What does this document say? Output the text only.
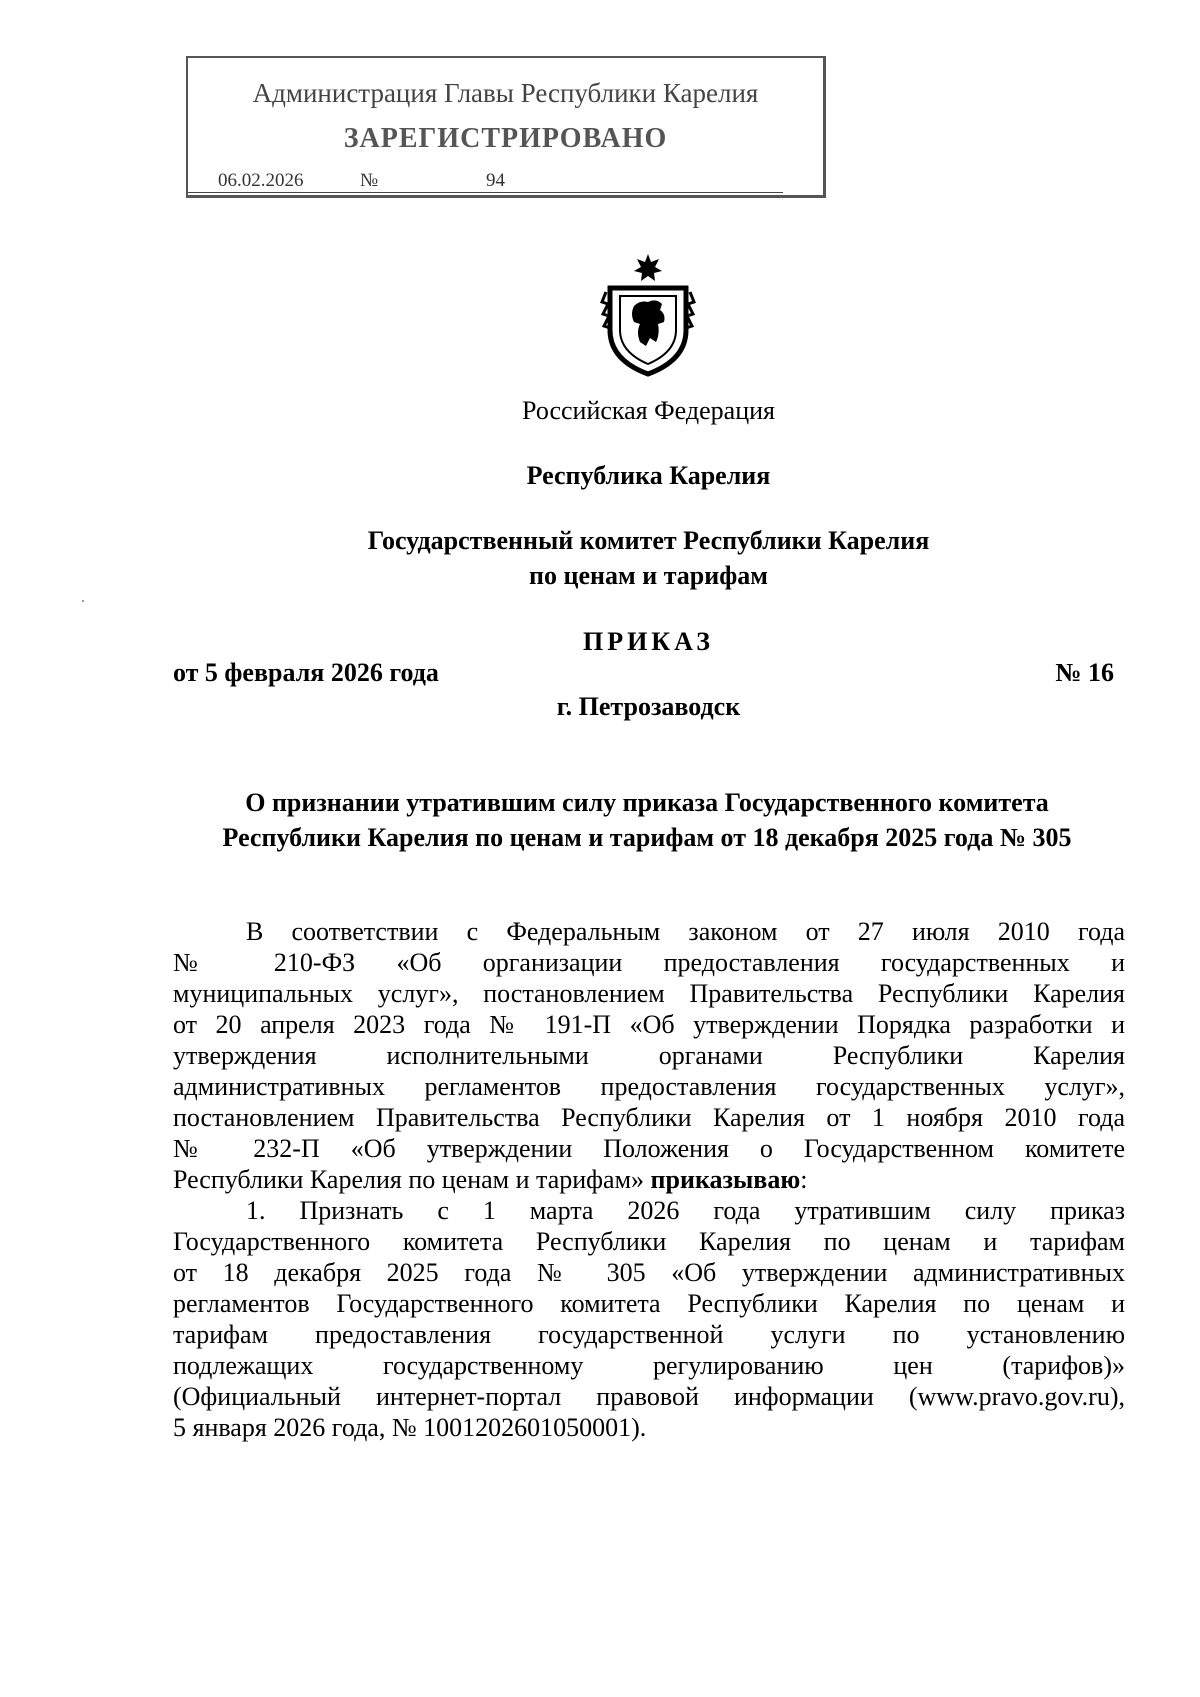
Администрация Главы Республики Карелия
ЗАРЕГИСТРИРОВАНО
06.02.2026	№	94
Российская Федерация
Республика Карелия
Государственный комитет Республики Карелия
по ценам и тарифам
ПРИКАЗ
от 5 февраля 2026 года	№ 16
г. Петрозаводск
О признании утратившим силу приказа Государственного комитета
Республики Карелия по ценам и тарифам от 18 декабря 2025 года № 305
В соответствии с Федеральным законом от 27 июля 2010 года
№ 210-ФЗ «Об организации предоставления государственных и
муниципальных услуг», постановлением Правительства Республики Карелия
от 20 апреля 2023 года № 191-П «Об утверждении Порядка разработки и
утверждения исполнительными органами Республики Карелия
административных регламентов предоставления государственных услуг»,
постановлением Правительства Республики Карелия от 1 ноября 2010 года
№ 232-П «Об утверждении Положения о Государственном комитете
Республики Карелия по ценам и тарифам» приказываю:
1. Признать с 1 марта 2026 года утратившим силу приказ
Государственного комитета Республики Карелия по ценам и тарифам
от 18 декабря 2025 года № 305 «Об утверждении административных
регламентов Государственного комитета Республики Карелия по ценам и
тарифам предоставления государственной услуги по установлению
подлежащих государственному регулированию цен (тарифов)»
(Официальный интернет-портал правовой информации (www.pravo.gov.ru),
5 января 2026 года, № 1001202601050001).
